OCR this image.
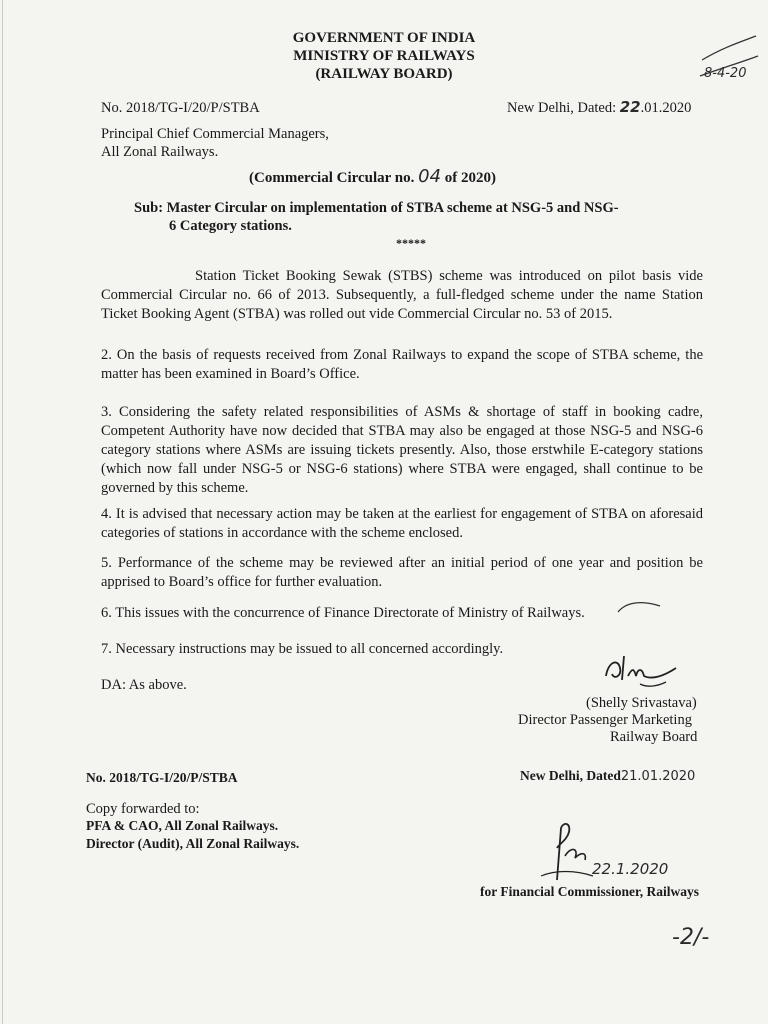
GOVERNMENT OF INDIA
MINISTRY OF RAILWAYS
(RAILWAY BOARD)	8-4-20
No. 2018/TG-I/20/P/STBA	New Delhi, Dated: 22.01.2020
Principal Chief Commercial Managers,
All Zonal Railways.
(Commercial Circular no. 04 of 2020)
Sub: Master Circular on implementation of STBA scheme at NSG-5 and NSG-
6 Category stations.
*****
Station Ticket Booking Sewak (STBS) scheme was introduced on pilot basis vide Commercial Circular no. 66 of 2013. Subsequently, a full-fledged scheme under the name Station Ticket Booking Agent (STBA) was rolled out vide Commercial Circular no. 53 of 2015.
2. On the basis of requests received from Zonal Railways to expand the scope of STBA scheme, the matter has been examined in Board’s Office.
3. Considering the safety related responsibilities of ASMs & shortage of staff in booking cadre, Competent Authority have now decided that STBA may also be engaged at those NSG-5 and NSG-6 category stations where ASMs are issuing tickets presently. Also, those erstwhile E-category stations (which now fall under NSG-5 or NSG-6 stations) where STBA were engaged, shall continue to be governed by this scheme.
4. It is advised that necessary action may be taken at the earliest for engagement of STBA on aforesaid categories of stations in accordance with the scheme enclosed.
5. Performance of the scheme may be reviewed after an initial period of one year and position be apprised to Board’s office for further evaluation.
6. This issues with the concurrence of Finance Directorate of Ministry of Railways.
7. Necessary instructions may be issued to all concerned accordingly.
DA: As above.
(Shelly Srivastava)
Director Passenger Marketing
Railway Board
No. 2018/TG-I/20/P/STBA	New Delhi, Dated21.01.2020
Copy forwarded to:
PFA & CAO, All Zonal Railways.
Director (Audit), All Zonal Railways.
22.1.2020
for Financial Commissioner, Railways
-2/-
